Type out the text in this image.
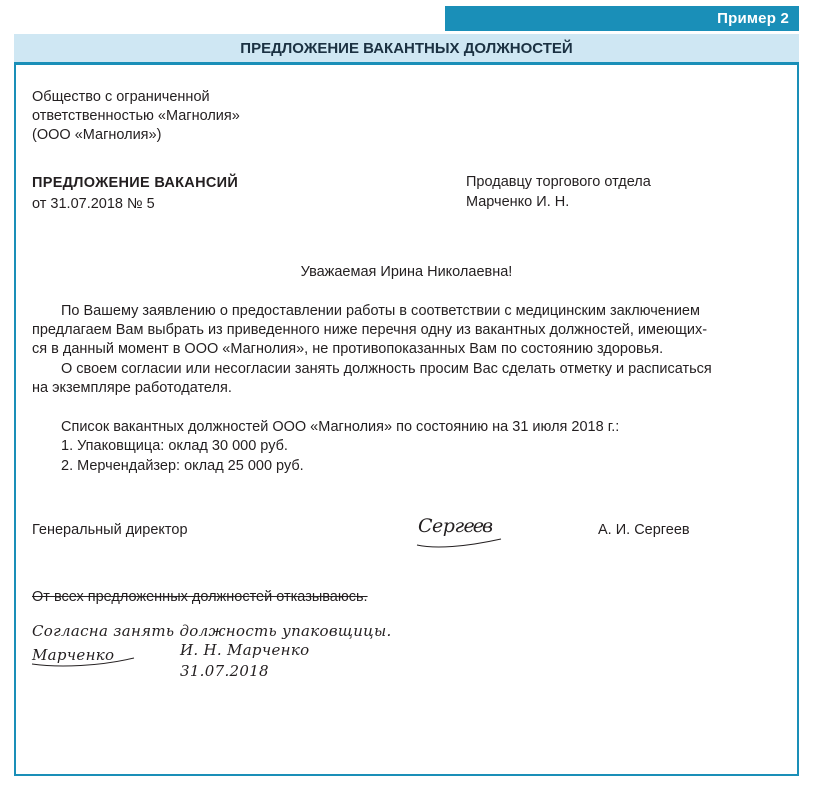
Пример 2
ПРЕДЛОЖЕНИЕ ВАКАНТНЫХ ДОЛЖНОСТЕЙ
Общество с ограниченной
ответственностью «Магнолия»
(ООО «Магнолия»)
ПРЕДЛОЖЕНИЕ ВАКАНСИЙ
от 31.07.2018 № 5
Продавцу торгового отдела
Марченко И. Н.
Уважаемая Ирина Николаевна!
По Вашему заявлению о предоставлении работы в соответствии с медицинским заключением
предлагаем Вам выбрать из приведенного ниже перечня одну из вакантных должностей, имеющих-
ся в данный момент в ООО «Магнолия», не противопоказанных Вам по состоянию здоровья.
О своем согласии или несогласии занять должность просим Вас сделать отметку и расписаться
на экземпляре работодателя.
Список вакантных должностей ООО «Магнолия» по состоянию на 31 июля 2018 г.:
1. Упаковщица: оклад 30 000 руб.
2. Мерчендайзер: оклад 25 000 руб.
Генеральный директор	Сергеев	А. И. Сергеев
От всех предложенных должностей отказываюсь.
Согласна занять должность упаковщицы.
Марченко	И. Н. Марченко
31.07.2018
